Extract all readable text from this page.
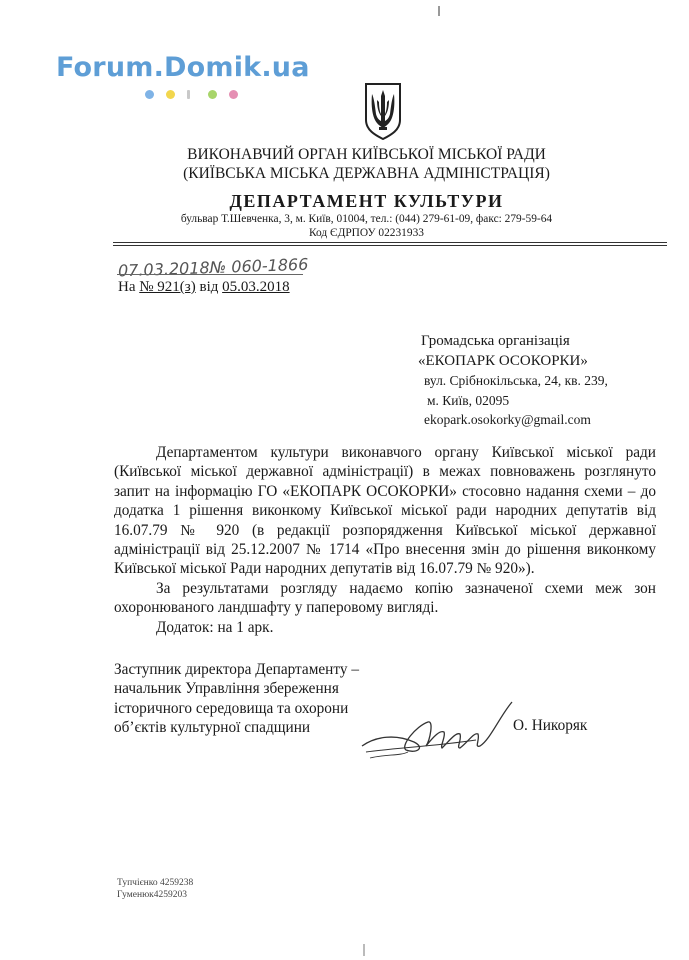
Forum.Domik.ua
ВИКОНАВЧИЙ ОРГАН КИЇВСЬКОЇ МІСЬКОЇ РАДИ
(КИЇВСЬКА МІСЬКА ДЕРЖАВНА АДМІНІСТРАЦІЯ)
ДЕПАРТАМЕНТ КУЛЬТУРИ
бульвар Т.Шевченка, 3, м. Київ, 01004, тел.: (044) 279-61-09, факс: 279-59-64
Код ЄДРПОУ 02231933
07.03.2018№ 060-1866
На № 921(з) від 05.03.2018
Громадська організація
«ЕКОПАРК ОСОКОРКИ»
вул. Срібнокільська, 24, кв. 239,
м. Київ, 02095
ekopark.osokorky@gmail.com

Департаментом культури виконавчого органу Київської міської ради (Київської міської державної адміністрації) в межах повноважень розглянуто запит на інформацію ГО «ЕКОПАРК ОСОКОРКИ» стосовно надання схеми – до додатка 1 рішення виконкому Київської міської ради народних депутатів від 16.07.79 № 920 (в редакції розпорядження Київської міської державної адміністрації від 25.12.2007 № 1714 «Про внесення змін до рішення виконкому Київської міської Ради народних депутатів від 16.07.79 № 920»).

За результатами розгляду надаємо копію зазначеної схеми меж зон охоронюваного ландшафту у паперовому вигляді.

Додаток: на 1 арк.

Заступник директора Департаменту –
начальник Управління збереження
історичного середовища та охорони
об’єктів культурної спадщини	О. Никоряк
Тупчієнко 4259238
Гуменюк4259203
